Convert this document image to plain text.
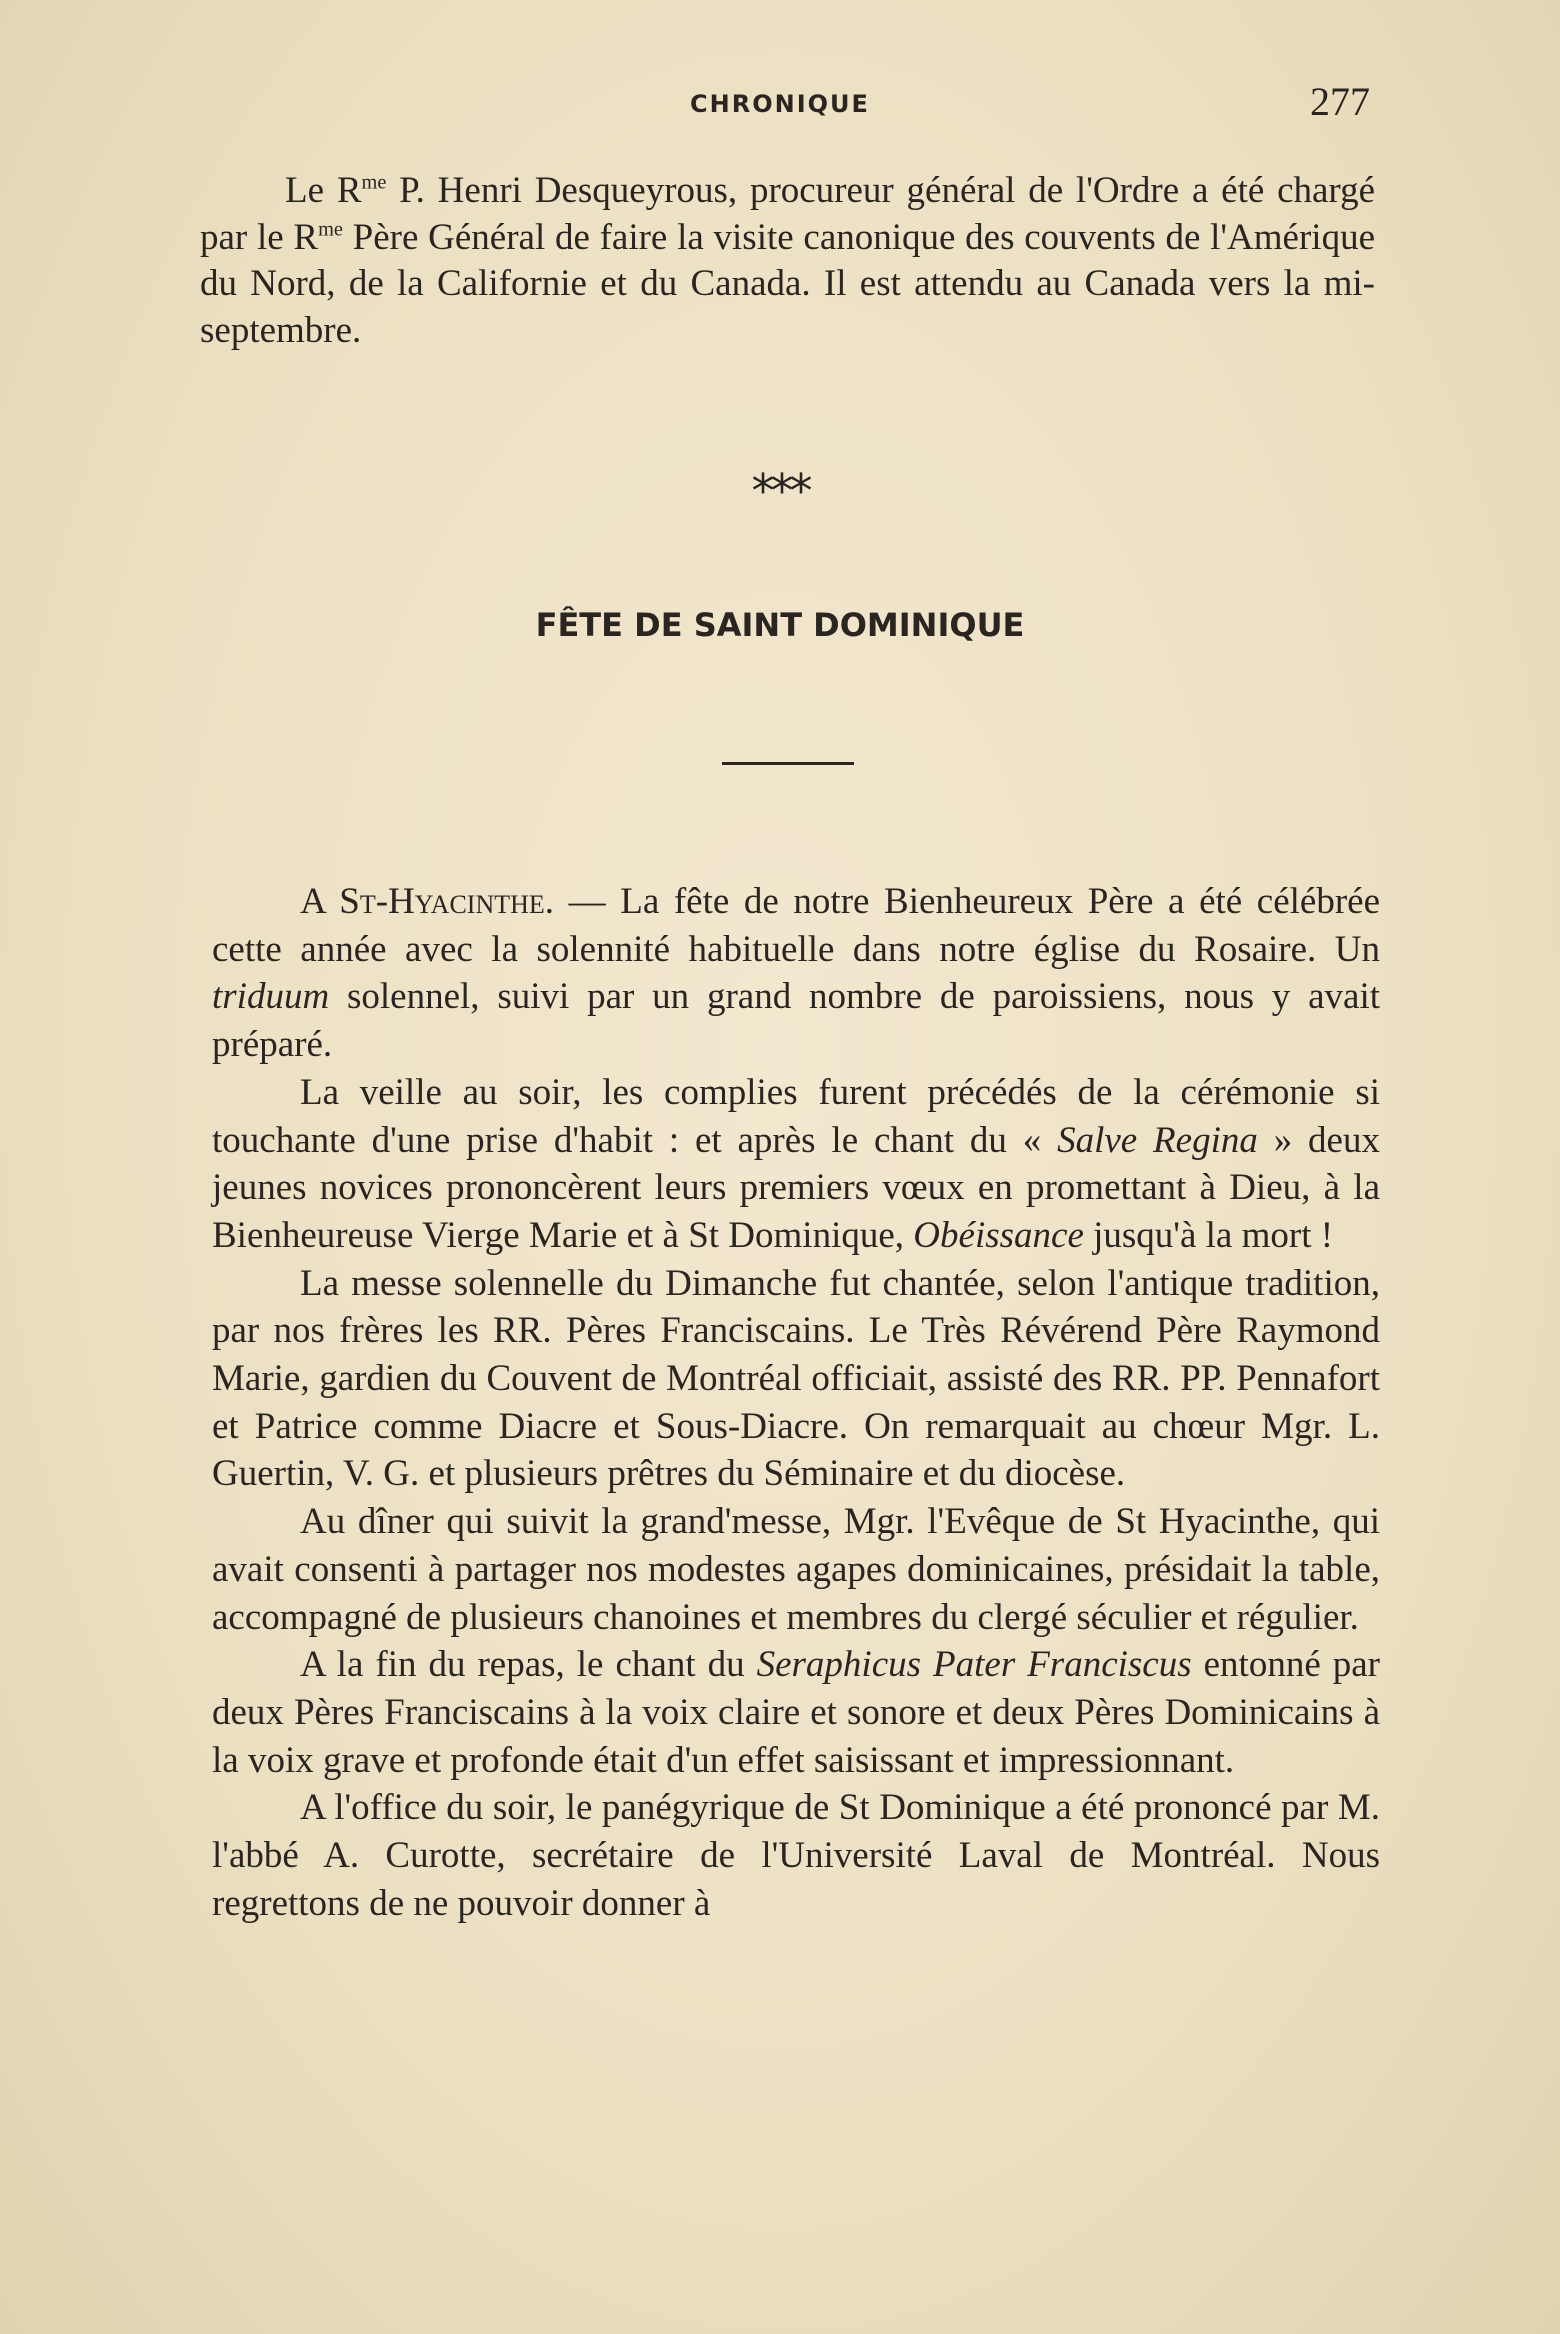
CHRONIQUE	277

Le $R^{me}$ P. Henri Desqueyrous, procureur général de l'Ordre a été chargé par le $R^{me}$ Père Général de faire la visite canonique des couvents de l'Amérique du Nord, de la Californie et du Canada. Il est attendu au Canada vers la mi-septembre.

***
FÊTE DE SAINT DOMINIQUE

A St-Hyacinthe. — La fête de notre Bienheureux Père a été célébrée cette année avec la solennité habituelle dans notre église du Rosaire. Un triduum solennel, suivi par un grand nombre de paroissiens, nous y avait préparé.

La veille au soir, les complies furent précédés de la cérémonie si touchante d'une prise d'habit : et après le chant du « Salve Regina » deux jeunes novices prononcèrent leurs premiers vœux en promettant à Dieu, à la Bienheureuse Vierge Marie et à St Dominique, Obéissance jusqu'à la mort !

La messe solennelle du Dimanche fut chantée, selon l'antique tradition, par nos frères les RR. Pères Franciscains. Le Très Révérend Père Raymond Marie, gardien du Couvent de Montréal officiait, assisté des RR. PP. Pennafort et Patrice comme Diacre et Sous-Diacre. On remarquait au chœur Mgr. L. Guertin, V. G. et plusieurs prêtres du Séminaire et du diocèse.

Au dîner qui suivit la grand'messe, Mgr. l'Evêque de St Hyacinthe, qui avait consenti à partager nos modestes agapes dominicaines, présidait la table, accompagné de plusieurs chanoines et membres du clergé séculier et régulier.

A la fin du repas, le chant du Seraphicus Pater Franciscus entonné par deux Pères Franciscains à la voix claire et sonore et deux Pères Dominicains à la voix grave et profonde était d'un effet saisissant et impressionnant.

A l'office du soir, le panégyrique de St Dominique a été prononcé par M. l'abbé A. Curotte, secrétaire de l'Université Laval de Montréal. Nous regrettons de ne pouvoir donner à
